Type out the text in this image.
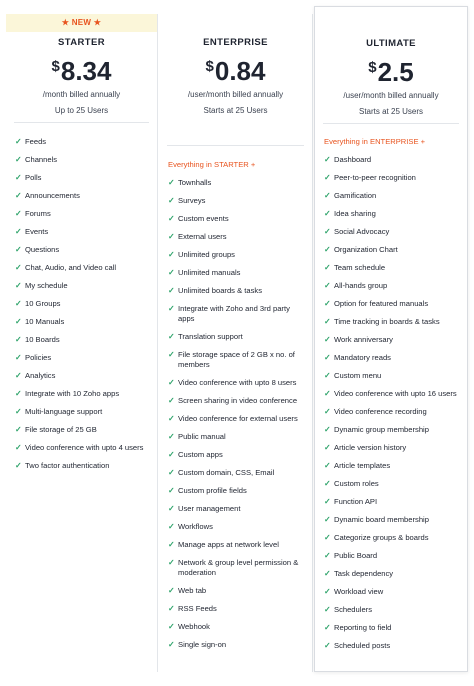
★ NEW ★
STARTER
$ 8.34
/month billed annually
Up to 25 Users
✓ Feeds
✓ Channels
✓ Polls
✓ Announcements
✓ Forums
✓ Events
✓ Questions
✓ Chat, Audio, and Video call
✓ My schedule
✓ 10 Groups
✓ 10 Manuals
✓ 10 Boards
✓ Policies
✓ Analytics
✓ Integrate with 10 Zoho apps
✓ Multi-language support
✓ File storage of 25 GB
✓ Video conference with upto 4 users
✓ Two factor authentication
ENTERPRISE
$ 0.84
/user/month billed annually
Starts at 25 Users
Everything in STARTER +
✓ Townhalls
✓ Surveys
✓ Custom events
✓ External users
✓ Unlimited groups
✓ Unlimited manuals
✓ Unlimited boards & tasks
✓ Integrate with Zoho and 3rd party apps
✓ Translation support
✓ File storage space of 2 GB x no. of members
✓ Video conference with upto 8 users
✓ Screen sharing in video conference
✓ Video conference for external users
✓ Public manual
✓ Custom apps
✓ Custom domain, CSS, Email
✓ Custom profile fields
✓ User management
✓ Workflows
✓ Manage apps at network level
✓ Network & group level permission & moderation
✓ Web tab
✓ RSS Feeds
✓ Webhook
✓ Single sign-on
ULTIMATE
$ 2.5
/user/month billed annually
Starts at 25 Users
Everything in ENTERPRISE +
✓ Dashboard
✓ Peer-to-peer recognition
✓ Gamification
✓ Idea sharing
✓ Social Advocacy
✓ Organization Chart
✓ Team schedule
✓ All-hands group
✓ Option for featured manuals
✓ Time tracking in boards & tasks
✓ Work anniversary
✓ Mandatory reads
✓ Custom menu
✓ Video conference with upto 16 users
✓ Video conference recording
✓ Dynamic group membership
✓ Article version history
✓ Article templates
✓ Custom roles
✓ Function API
✓ Dynamic board membership
✓ Categorize groups & boards
✓ Public Board
✓ Task dependency
✓ Workload view
✓ Schedulers
✓ Reporting to field
✓ Scheduled posts
